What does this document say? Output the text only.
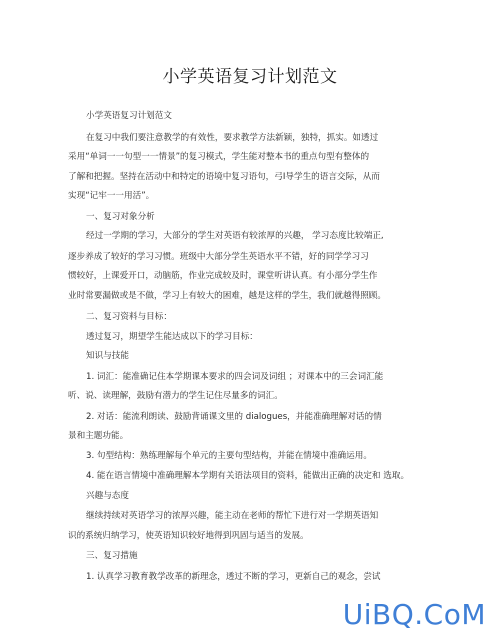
小学英语复习计划范文
小学英语复习计划范文
在复习中我们要注意教学的有效性，要求教学方法新颖，独特，抓实。如透过
采用“单词一一句型一一情景”的复习模式，学生能对整本书的重点句型有整体的
了解和把握。坚持在活动中和特定的语境中复习语句，弓I导学生的语言交际，从而
实现“记牢一一用活”。
一、复习对象分析
经过一学期的学习，大部分的学生对英语有较浓厚的兴趣， 学习态度比较端正,
逐步养成了较好的学习习惯。班级中大部分学生英语水平不错，好的同学学习习
惯较好，上课爱开口，动脑筋，作业完成较及时，课堂听讲认真。有小部分学生作
业时常要漏做或是不做，学习上有较大的困难，越是这样的学生，我们就越得照顾。
二、复习资料与目标：
透过复习，期望学生能达成以下的学习目标：
知识与技能
1. 词汇：能准确记住本学期课本要求的四会词及词组 ；对课本中的三会词汇能
听、说、读理解，鼓励有潜力的学生记住尽量多的词汇。
2. 对话：能流利朗读、鼓励背诵课文里的 dialogues，并能准确理解对话的情
景和主题功能。
3. 句型结构：熟练理解每个单元的主要句型结构，并能在情境中准确运用。
4. 能在语言情境中准确理解本学期有关语法项目的资料，能做出正确的决定和 选取。
兴趣与态度
继续持续对英语学习的浓厚兴趣，能主动在老师的帮忙下进行对一学期英语知
识的系统归纳学习，使英语知识较好地得到巩固与适当的发展。
三、复习措施
1. 认真学习教育教学改革的新理念，透过不断的学习，更新自己的观念，尝试
UiBQ.CoM
